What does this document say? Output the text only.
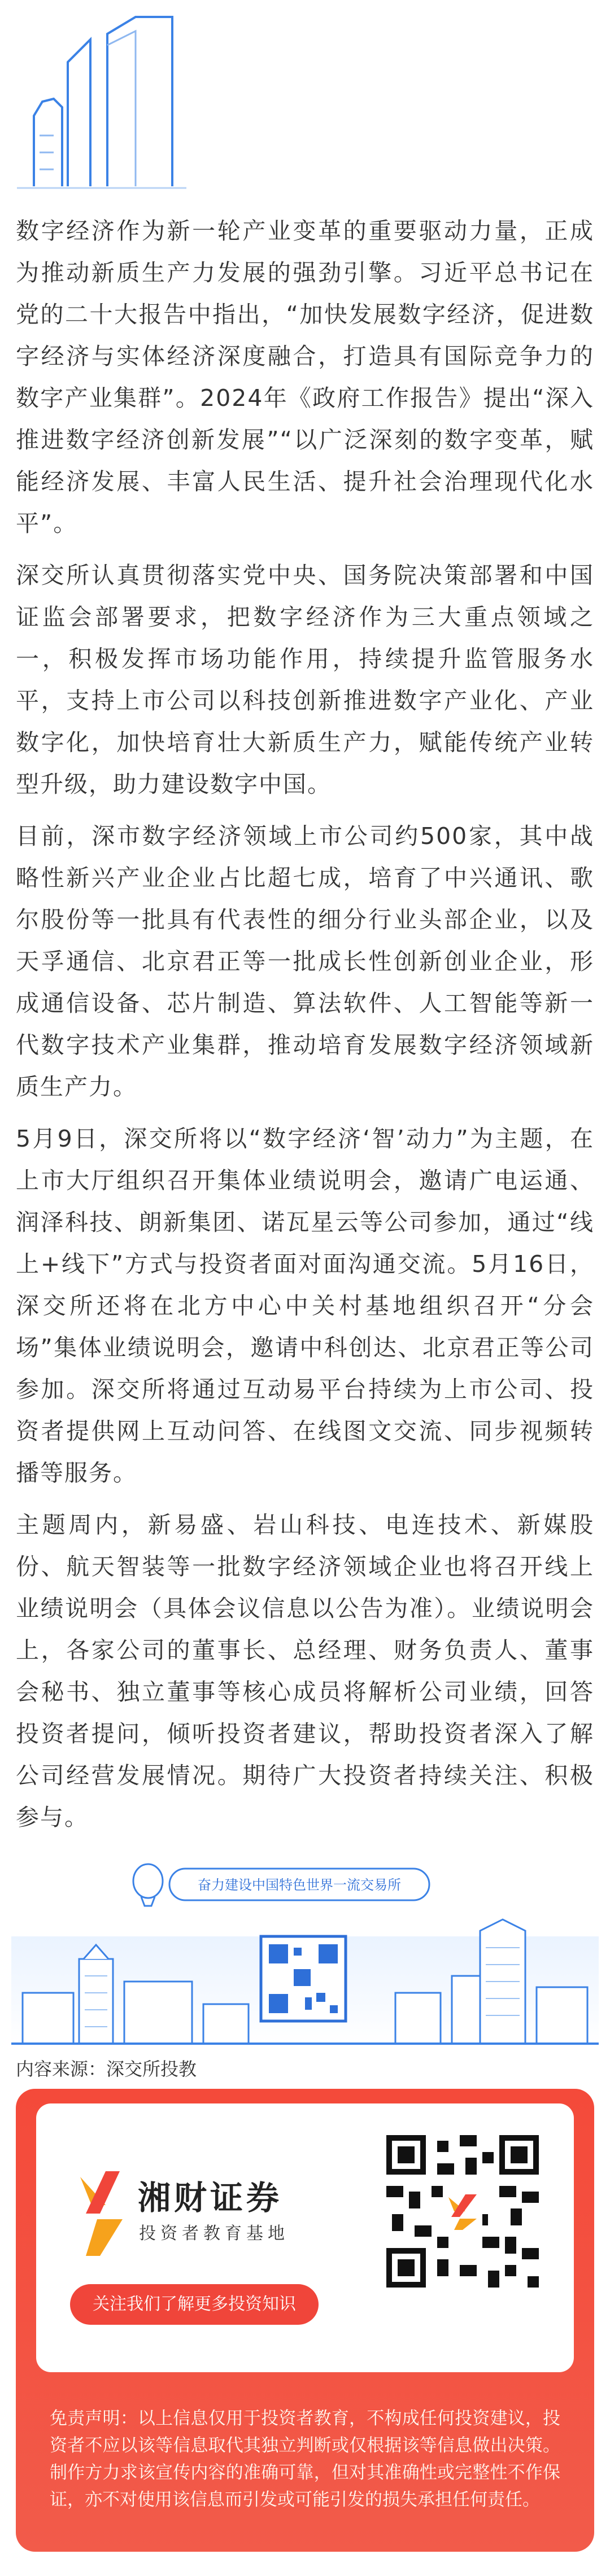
数字经济作为新一轮产业变革的重要驱动力量，正成为推动新质生产力发展的强劲引擎。习近平总书记在党的二十大报告中指出，“加快发展数字经济，促进数字经济与实体经济深度融合，打造具有国际竞争力的数字产业集群”。2024年《政府工作报告》提出“深入推进数字经济创新发展”“以广泛深刻的数字变革，赋能经济发展、丰富人民生活、提升社会治理现代化水平”。

深交所认真贯彻落实党中央、国务院决策部署和中国证监会部署要求，把数字经济作为三大重点领域之一，积极发挥市场功能作用，持续提升监管服务水平，支持上市公司以科技创新推进数字产业化、产业数字化，加快培育壮大新质生产力，赋能传统产业转型升级，助力建设数字中国。

目前，深市数字经济领域上市公司约500家，其中战略性新兴产业企业占比超七成，培育了中兴通讯、歌尔股份等一批具有代表性的细分行业头部企业，以及天孚通信、北京君正等一批成长性创新创业企业，形成通信设备、芯片制造、算法软件、人工智能等新一代数字技术产业集群，推动培育发展数字经济领域新质生产力。

5月9日，深交所将以“数字经济‘智’动力”为主题，在上市大厅组织召开集体业绩说明会，邀请广电运通、润泽科技、朗新集团、诺瓦星云等公司参加，通过“线上+线下”方式与投资者面对面沟通交流。5月16日，深交所还将在北方中心中关村基地组织召开“分会场”集体业绩说明会，邀请中科创达、北京君正等公司参加。深交所将通过互动易平台持续为上市公司、投资者提供网上互动问答、在线图文交流、同步视频转播等服务。

主题周内，新易盛、岩山科技、电连技术、新媒股份、航天智装等一批数字经济领域企业也将召开线上业绩说明会（具体会议信息以公告为准）。业绩说明会上，各家公司的董事长、总经理、财务负责人、董事会秘书、独立董事等核心成员将解析公司业绩，回答投资者提问，倾听投资者建议，帮助投资者深入了解公司经营发展情况。期待广大投资者持续关注、积极参与。

奋力建设中国特色世界一流交易所
内容来源：深交所投教
湘财证券
投资者教育基地
关注我们了解更多投资知识
免责声明：以上信息仅用于投资者教育，不构成任何投资建议，投资者不应以该等信息取代其独立判断或仅根据该等信息做出决策。制作方力求该宣传内容的准确可靠，但对其准确性或完整性不作保证，亦不对使用该信息而引发或可能引发的损失承担任何责任。
